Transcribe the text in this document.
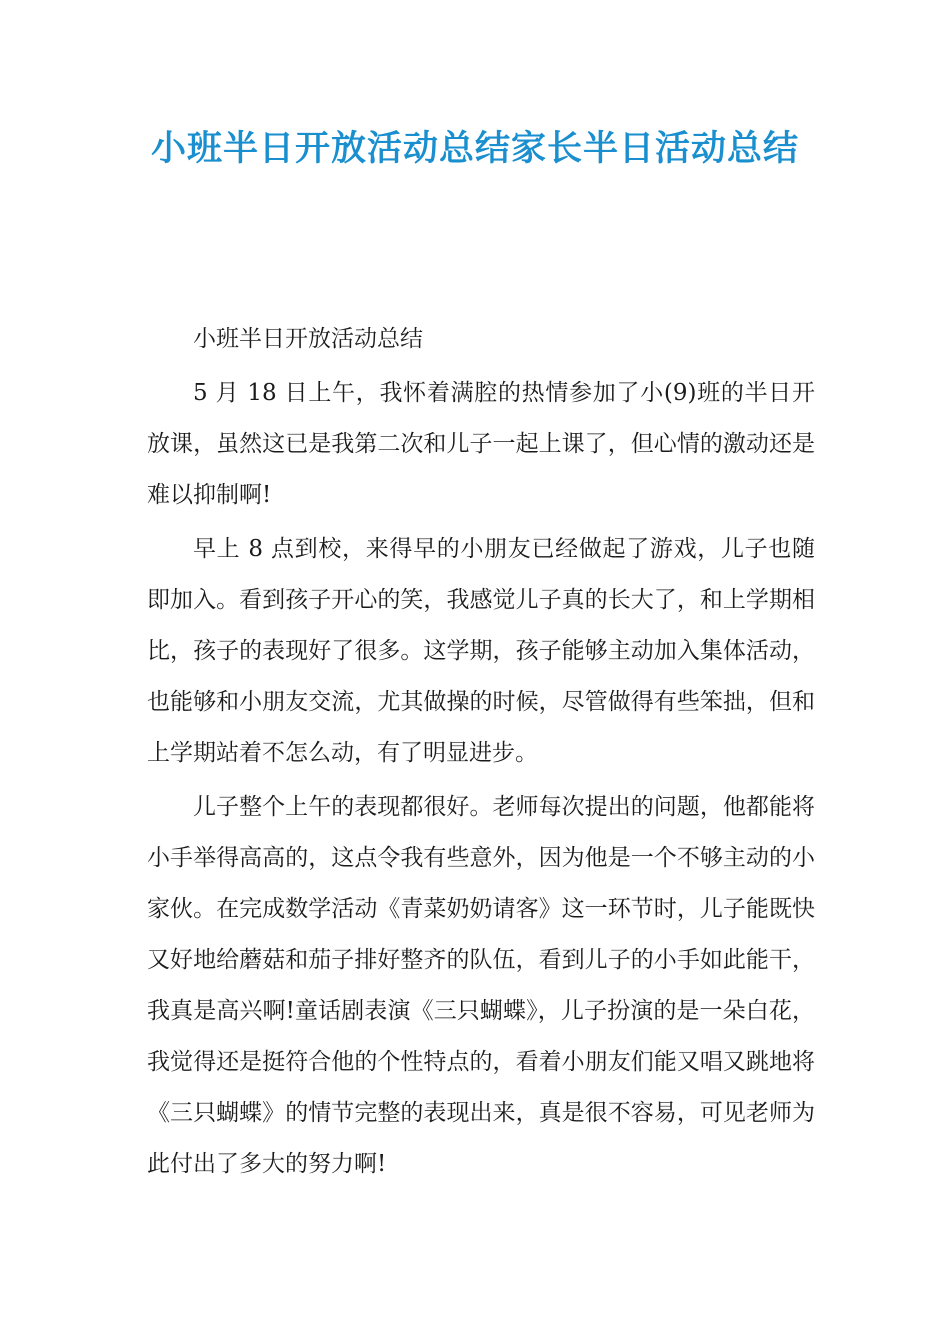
小班半日开放活动总结家长半日活动总结

小班半日开放活动总结

5 月 18 日上午，我怀着满腔的热情参加了小(9)班的半日开放课，虽然这已是我第二次和儿子一起上课了，但心情的激动还是难以抑制啊!

早上 8 点到校，来得早的小朋友已经做起了游戏，儿子也随即加入。看到孩子开心的笑，我感觉儿子真的长大了，和上学期相比，孩子的表现好了很多。这学期，孩子能够主动加入集体活动，也能够和小朋友交流，尤其做操的时候，尽管做得有些笨拙，但和上学期站着不怎么动，有了明显进步。

儿子整个上午的表现都很好。老师每次提出的问题，他都能将小手举得高高的，这点令我有些意外，因为他是一个不够主动的小家伙。在完成数学活动《青菜奶奶请客》这一环节时，儿子能既快又好地给蘑菇和茄子排好整齐的队伍，看到儿子的小手如此能干，我真是高兴啊!童话剧表演《三只蝴蝶》，儿子扮演的是一朵白花，我觉得还是挺符合他的个性特点的，看着小朋友们能又唱又跳地将《三只蝴蝶》的情节完整的表现出来，真是很不容易，可见老师为此付出了多大的努力啊!
